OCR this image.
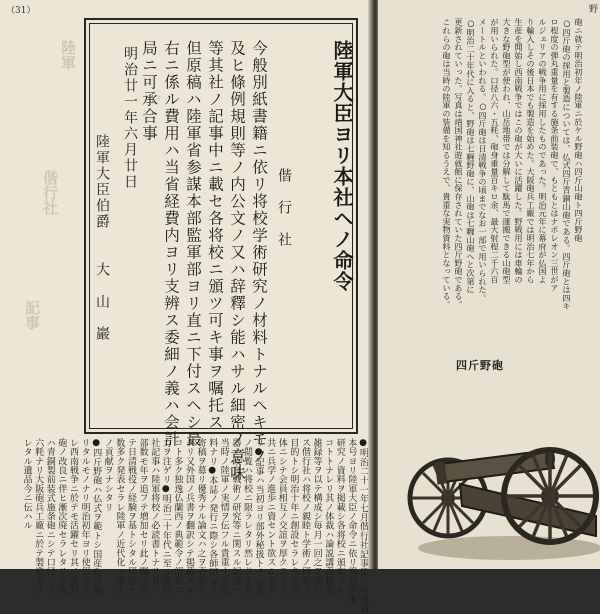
（31）
陸軍
偕行社
記事
陸軍大臣ヨリ本社ヘノ命令
偕　行　社
今般別紙書籍ニ依リ将校学術研究ノ材料トナルヘキモノ
及ヒ條例規則等ノ内公文ノ又ハ辞釋シ能ハサル細密ノ意味
等其社ノ記事中ニ載セ各将校ニ頒ツ可キ事ヲ嘱托ス
但原稿ハ陸軍省参謀本部監軍部ヨリ直ニ下付スヘシ最
右ニ係ル費用ハ当省経費内ヨリ支辨ス委細ノ義ハ会計
局ニ可承合事
明治廿一年六月廿日
陸軍大臣伯爵
大　山　巖
●明治二十一年七月偕行社記事第一号発刊
本号ヨリ陸軍大臣ノ命令ニ依リ将校学術
研究ノ資料ヲ掲載シ各将校ニ頒布スル
コトトナレリ其ノ体裁ハ論説講義翻訳
雑録等ヲ以テ構成シ毎月一回之ヲ刊行
ス偕行社ハ将校ノ親睦ト学術ノ研究ヲ
目的トシ明治十年ニ創設セラレタル団
体ニシテ会員相互ノ交誼ヲ厚クスルト
共ニ兵学ノ進歩ニ資セント欲スル者ナ
リ●記事ハ当初ヨリ部外秘扱トサレ其
ノ閲覧ハ将校ニ限ラレタリ然レドモ兵
器ノ改良戦術ノ研究等ニ関スル記述ハ
当時ノ陸軍ノ実情ヲ伝フル貴重ナル史
料ナリ●本誌ノ発行ニ際シ各師団ヨリ
寄稿ヲ募リ優秀ナル論文ハ之ヲ表彰シ
タリ又外国ノ兵書ヲ翻訳シテ掲載スル
コト多ク独逸仏蘭西ノ典範令ノ紹介ニ
力ヲ注ゲリ●明治二十年代ニ至リ偕行
社記事ハ陸軍将校ノ必読書トナリ其ノ
部数モ年ヲ追フテ増加セリ此ノ間ニ於
テ日清戦役ノ経験ヲ基トシタル研究モ
数多ク発表セラレ陸軍ノ近代化ニ多大
ノ貢献ヲナシタリ
●四斤野砲ハ仏式ヲ範トシ国産化ヲ図
リタルモノナリ明治初年ヨリ使用セラ
レ西南戦争ニ於テモ活躍セリ其ノ後野
砲ノ改良ニ伴ヒ漸次廃セラレタリ本砲
ハ青銅製前装式施条砲ニシテ口径八十
六粍ナリ大阪砲兵工廠ニ於テ製造セラ
レタル遺品今ニ伝ハル
野
砲ニ就テ明治初年ノ陸軍ニ於ケル野砲ハ四斤山砲ト四斤野砲
○四斤砲の採用と製造については、仏式四斤青銅山砲である。四斤砲とは四キ
ロ程度の弾丸重量を有する施条前装砲で、もともとはナポレオン三世がア
ルジェリアの戦争用に採用したものであった。明治元年に幕府が仏国よ
り輸入しその後日本でも製造を始めた。大阪砲兵工廠では明治七年から
生産を開始し西南戦争ではこの砲が大いに活躍した。野戦用には車輪の
大きな野砲型が使われ、山岳地帯では分解して駄馬で運搬できる山砲型
が用いられた。口径八六・五粍、砲身重量百キロ余、最大射程二千六百
メートルといわれる。○四斤砲は日清戦争の頃までなお一部で用いられた。
○明治二十年代に入ると、野砲は七糎野砲に、山砲は七糎山砲へと次第に
更新されていった。写真は靖国神社遊就館に保存されていた四斤野砲である。
これらの砲は当時の陸軍の装備を知るうえで、貴重な実物資料となっている。
四斤野砲
